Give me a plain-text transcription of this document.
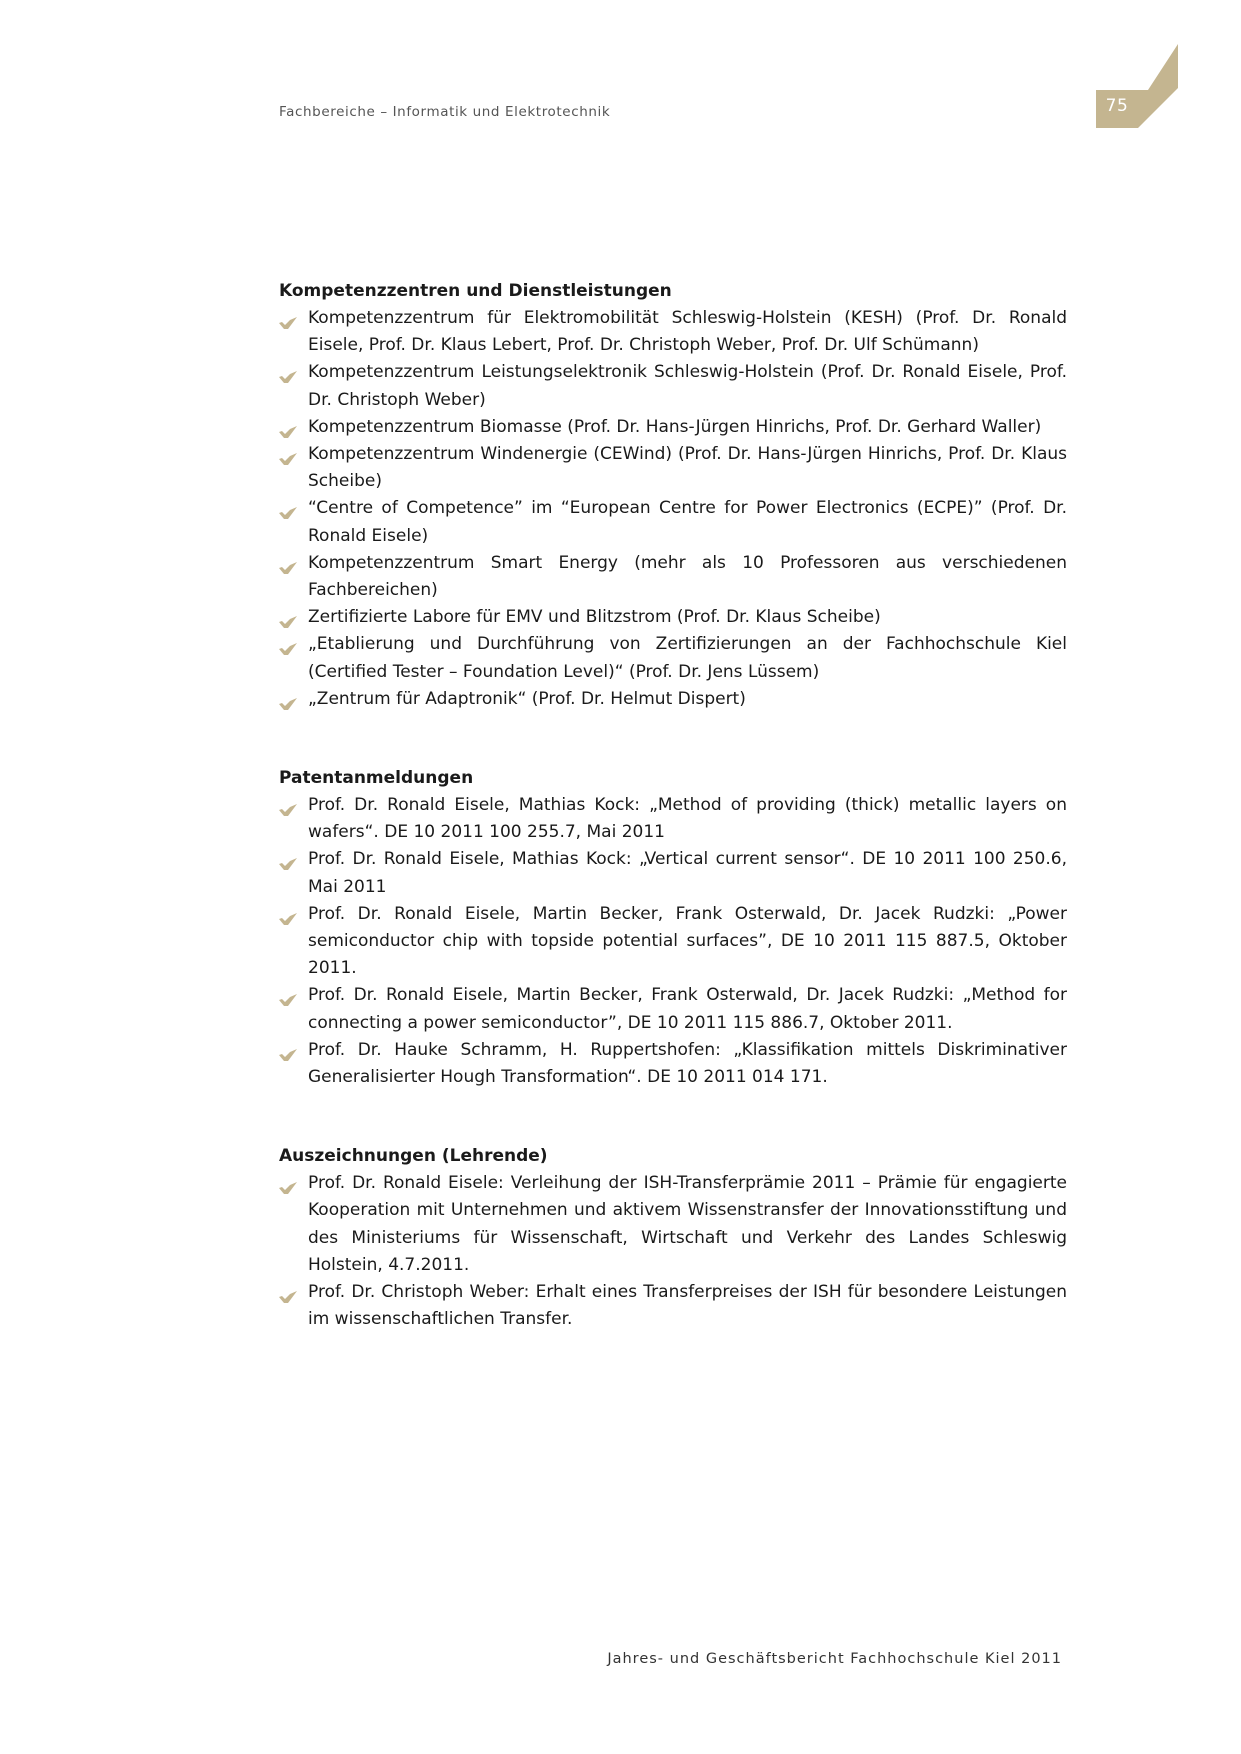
Fachbereiche – Informatik und Elektrotechnik	75
Kompetenzzentren und Dienstleistungen
Kompetenzzentrum für Elektromobilität Schleswig-Holstein (KESH) (Prof. Dr. Ronald Eisele, Prof. Dr. Klaus Lebert, Prof. Dr. Christoph Weber, Prof. Dr. Ulf Schümann)
Kompetenzzentrum Leistungselektronik Schleswig-Holstein (Prof. Dr. Ronald Eisele, Prof. Dr. Christoph Weber)
Kompetenzzentrum Biomasse (Prof. Dr. Hans-Jürgen Hinrichs, Prof. Dr. Gerhard Waller)
Kompetenzzentrum Windenergie (CEWind) (Prof. Dr. Hans-Jürgen Hinrichs, Prof. Dr. Klaus Scheibe)
“Centre of Competence” im “European Centre for Power Electronics (ECPE)” (Prof. Dr. Ronald Eisele)
Kompetenzzentrum Smart Energy (mehr als 10 Professoren aus verschiedenen Fachbereichen)
Zertifizierte Labore für EMV und Blitzstrom (Prof. Dr. Klaus Scheibe)
„Etablierung und Durchführung von Zertifizierungen an der Fachhochschule Kiel (Certified Tester – Foundation Level)“ (Prof. Dr. Jens Lüssem)
„Zentrum für Adaptronik“ (Prof. Dr. Helmut Dispert)
Patentanmeldungen
Prof. Dr. Ronald Eisele, Mathias Kock: „Method of providing (thick) metallic layers on wafers“. DE 10 2011 100 255.7, Mai 2011
Prof. Dr. Ronald Eisele, Mathias Kock: „Vertical current sensor“. DE 10 2011 100 250.6, Mai 2011
Prof. Dr. Ronald Eisele, Martin Becker, Frank Osterwald, Dr. Jacek Rudzki: „Power semiconductor chip with topside potential surfaces”, DE 10 2011 115 887.5, Oktober 2011.
Prof. Dr. Ronald Eisele, Martin Becker, Frank Osterwald, Dr. Jacek Rudzki: „Method for connecting a power semiconductor”, DE 10 2011 115 886.7, Oktober 2011.
Prof. Dr. Hauke Schramm, H. Ruppertshofen: „Klassifikation mittels Diskriminativer Generalisierter Hough Transformation“. DE 10 2011 014 171.
Auszeichnungen (Lehrende)
Prof. Dr. Ronald Eisele: Verleihung der ISH-Transferprämie 2011 – Prämie für engagierte Kooperation mit Unternehmen und aktivem Wissenstransfer der Innovationsstiftung und des Ministeriums für Wissenschaft, Wirtschaft und Verkehr des Landes Schleswig Holstein, 4.7.2011.
Prof. Dr. Christoph Weber: Erhalt eines Transferpreises der ISH für besondere Leistungen im wissenschaftlichen Transfer.
Jahres- und Geschäftsbericht Fachhochschule Kiel 2011
